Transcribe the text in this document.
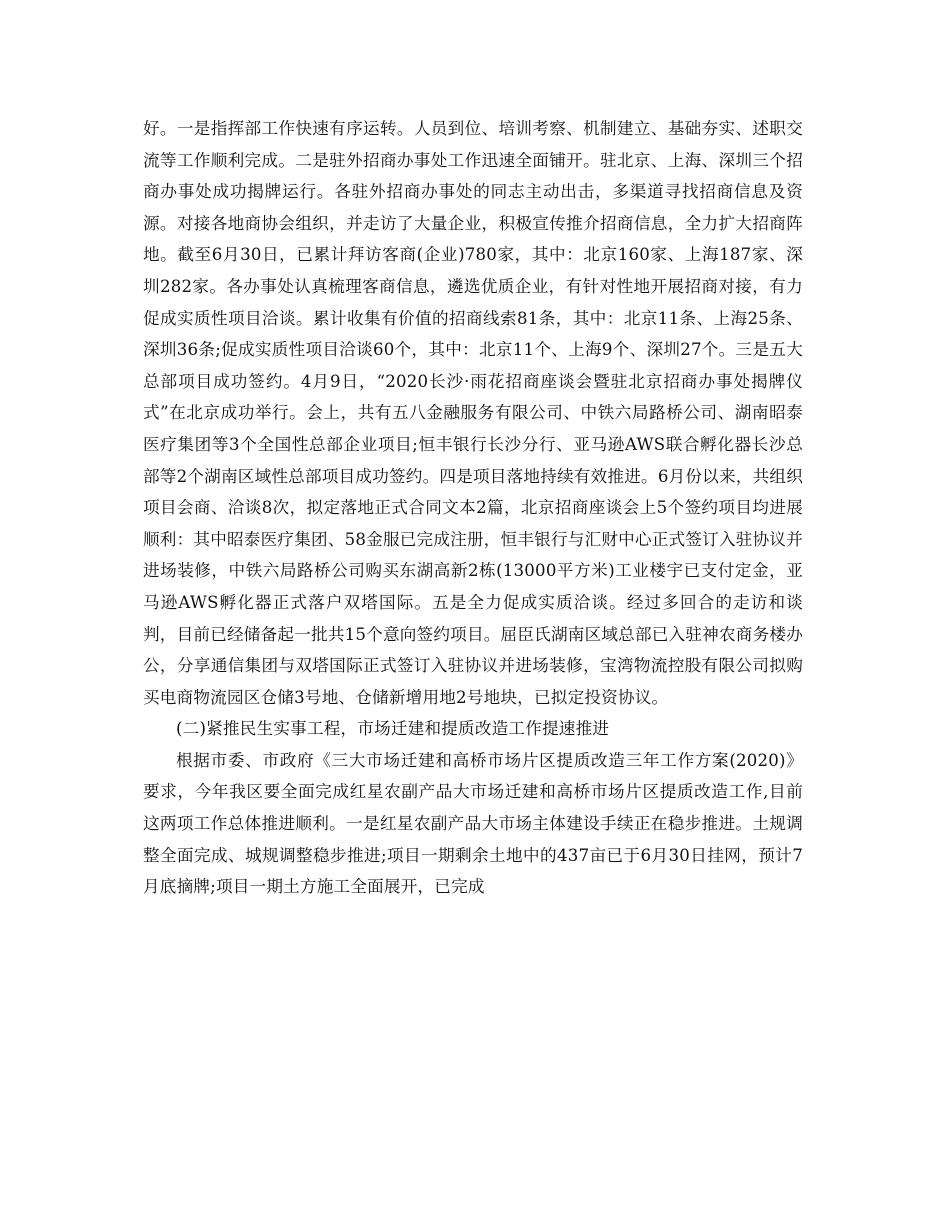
好。一是指挥部工作快速有序运转。人员到位、培训考察、机制建立、基础夯实、述职交流等工作顺利完成。二是驻外招商办事处工作迅速全面铺开。驻北京、上海、深圳三个招商办事处成功揭牌运行。各驻外招商办事处的同志主动出击，多渠道寻找招商信息及资源。对接各地商协会组织，并走访了大量企业，积极宣传推介招商信息，全力扩大招商阵地。截至6月30日，已累计拜访客商(企业)780家，其中：北京160家、上海187家、深圳282家。各办事处认真梳理客商信息，遴选优质企业，有针对性地开展招商对接，有力促成实质性项目洽谈。累计收集有价值的招商线索81条，其中：北京11条、上海25条、深圳36条;促成实质性项目洽谈60个，其中：北京11个、上海9个、深圳27个。三是五大总部项目成功签约。4月9日，“2020长沙·雨花招商座谈会暨驻北京招商办事处揭牌仪式”在北京成功举行。会上，共有五八金融服务有限公司、中铁六局路桥公司、湖南昭泰医疗集团等3个全国性总部企业项目;恒丰银行长沙分行、亚马逊AWS联合孵化器长沙总部等2个湖南区域性总部项目成功签约。四是项目落地持续有效推进。6月份以来，共组织项目会商、洽谈8次，拟定落地正式合同文本2篇，北京招商座谈会上5个签约项目均进展顺利：其中昭泰医疗集团、58金服已完成注册，恒丰银行与汇财中心正式签订入驻协议并进场装修，中铁六局路桥公司购买东湖高新2栋(13000平方米)工业楼宇已支付定金，亚马逊AWS孵化器正式落户双塔国际。五是全力促成实质洽谈。经过多回合的走访和谈判，目前已经储备起一批共15个意向签约项目。屈臣氏湖南区域总部已入驻神农商务楼办公，分享通信集团与双塔国际正式签订入驻协议并进场装修，宝湾物流控股有限公司拟购买电商物流园区仓储3号地、仓储新增用地2号地块，已拟定投资协议。

(二)紧推民生实事工程，市场迁建和提质改造工作提速推进

根据市委、市政府《三大市场迁建和高桥市场片区提质改造三年工作方案(2020)》要求，今年我区要全面完成红星农副产品大市场迁建和高桥市场片区提质改造工作,目前这两项工作总体推进顺利。一是红星农副产品大市场主体建设手续正在稳步推进。土规调整全面完成、城规调整稳步推进;项目一期剩余土地中的437亩已于6月30日挂网，预计7月底摘牌;项目一期土方施工全面展开，已完成
